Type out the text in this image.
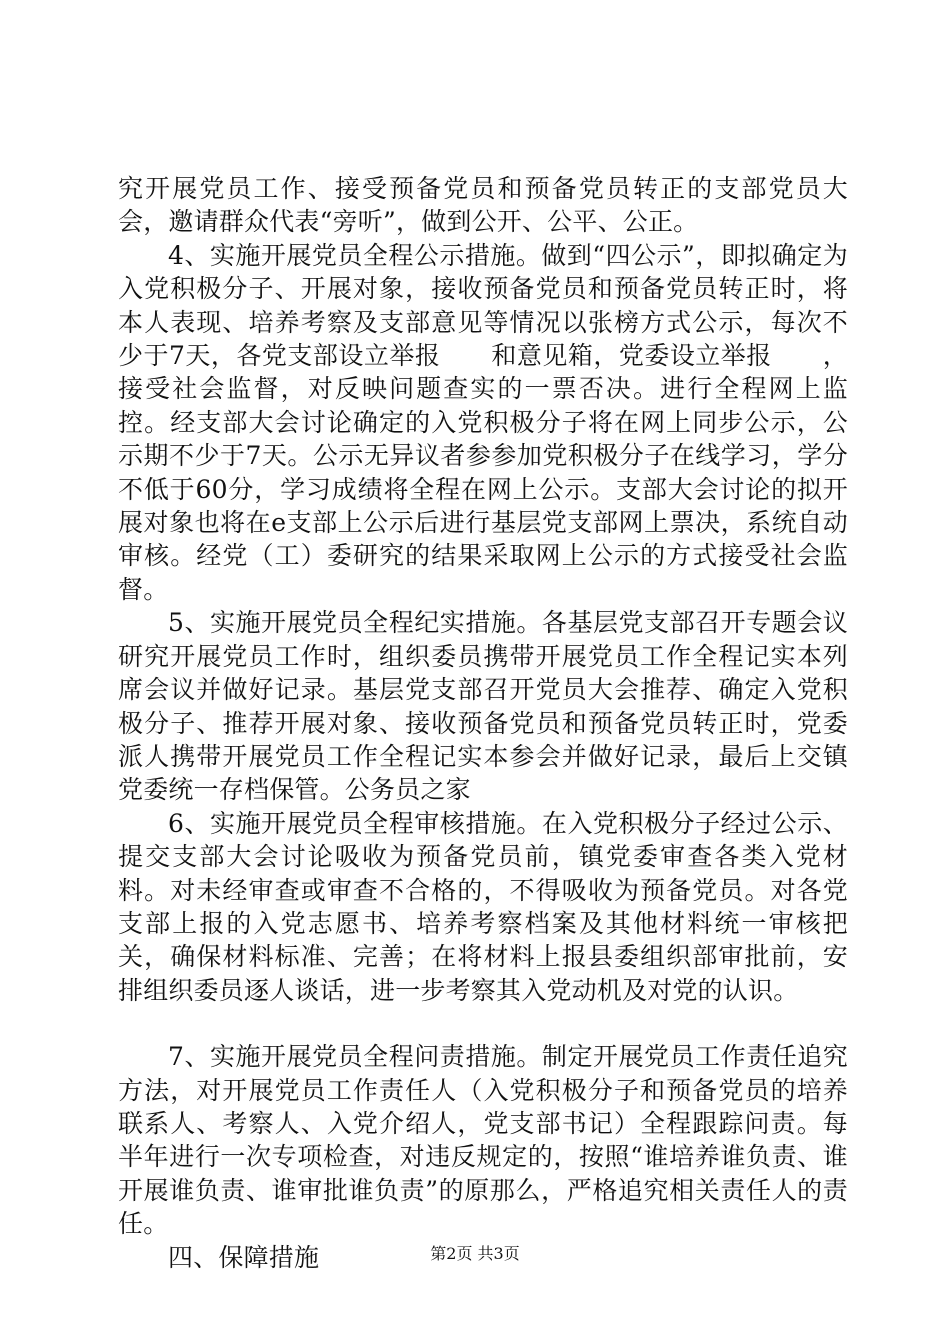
究开展党员工作、接受预备党员和预备党员转正的支部党员大会，邀请群众代表“旁听”，做到公开、公平、公正。

4、实施开展党员全程公示措施。做到“四公示”，即拟确定为入党积极分子、开展对象，接收预备党员和预备党员转正时，将本人表现、培养考察及支部意见等情况以张榜方式公示，每次不少于7天，各党支部设立举报　　和意见箱，党委设立举报　　，接受社会监督，对反映问题查实的一票否决。进行全程网上监控。经支部大会讨论确定的入党积极分子将在网上同步公示，公示期不少于7天。公示无异议者参参加党积极分子在线学习，学分不低于60分，学习成绩将全程在网上公示。支部大会讨论的拟开展对象也将在e支部上公示后进行基层党支部网上票决，系统自动审核。经党（工）委研究的结果采取网上公示的方式接受社会监督。

5、实施开展党员全程纪实措施。各基层党支部召开专题会议研究开展党员工作时，组织委员携带开展党员工作全程记实本列席会议并做好记录。基层党支部召开党员大会推荐、确定入党积极分子、推荐开展对象、接收预备党员和预备党员转正时，党委派人携带开展党员工作全程记实本参会并做好记录，最后上交镇党委统一存档保管。公务员之家

6、实施开展党员全程审核措施。在入党积极分子经过公示、提交支部大会讨论吸收为预备党员前，镇党委审查各类入党材料。对未经审查或审查不合格的，不得吸收为预备党员。对各党支部上报的入党志愿书、培养考察档案及其他材料统一审核把关，确保材料标准、完善；在将材料上报县委组织部审批前，安排组织委员逐人谈话，进一步考察其入党动机及对党的认识。

7、实施开展党员全程问责措施。制定开展党员工作责任追究方法，对开展党员工作责任人（入党积极分子和预备党员的培养联系人、考察人、入党介绍人，党支部书记）全程跟踪问责。每半年进行一次专项检查，对违反规定的，按照“谁培养谁负责、谁开展谁负责、谁审批谁负责”的原那么，严格追究相关责任人的责任。

四、保障措施	第2页 共3页
